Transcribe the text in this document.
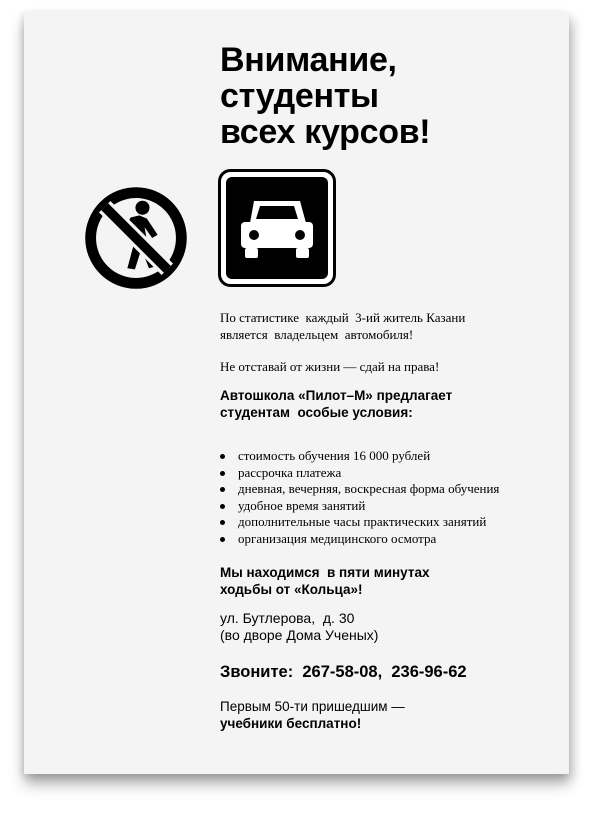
Внимание,
студенты
всех курсов!

По статистике  каждый  3-ий житель Казани
является  владельцем  автомобиля!

Не отставай от жизни — сдай на права!

Автошкола «Пилот–М» предлагает
студентам  особые условия:

стоимость обучения 16 000 рублей
рассрочка платежа
дневная, вечерняя, воскресная форма обучения
удобное время занятий
дополнительные часы практических занятий
организация медицинского осмотра

Мы находимся  в пяти минутах
ходьбы от «Кольца»!

ул. Бутлерова,  д. 30
(во дворе Дома Ученых)

Звоните:  267-58-08,  236-96-62

Первым 50-ти пришедшим —
учебники бесплатно!
